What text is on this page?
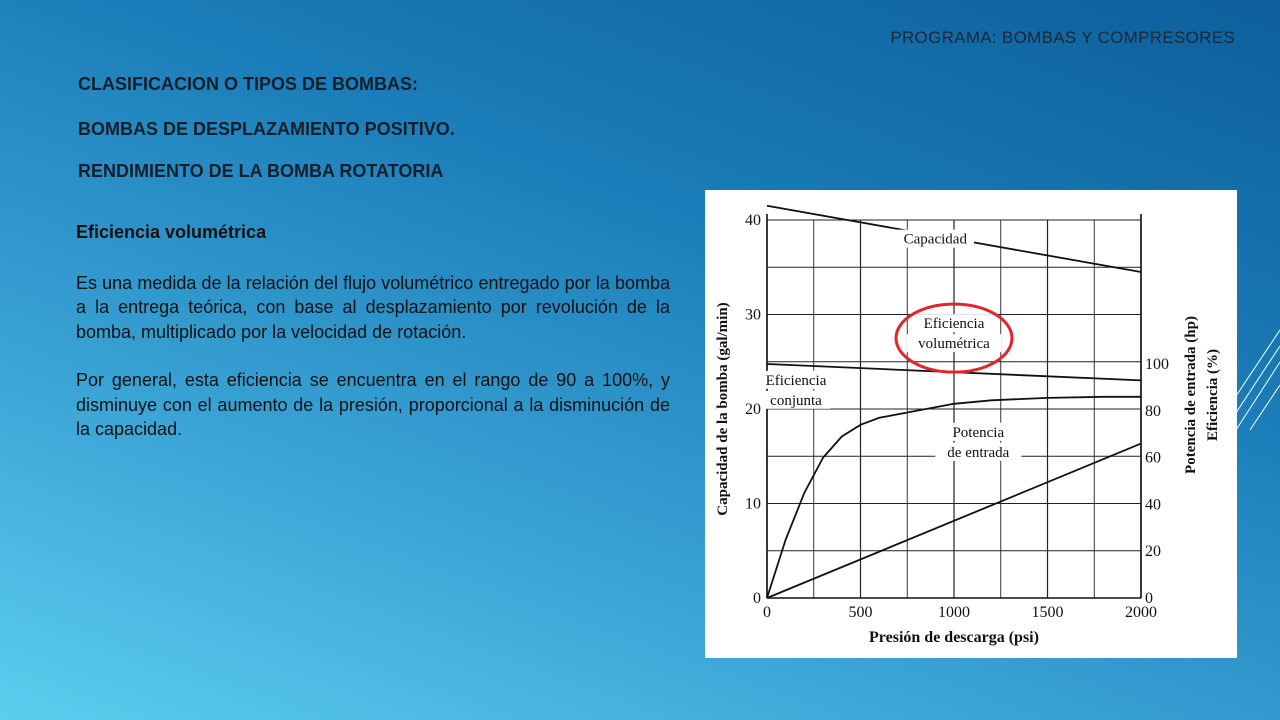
PROGRAMA: BOMBAS Y COMPRESORES
CLASIFICACION O TIPOS DE BOMBAS:
BOMBAS DE DESPLAZAMIENTO POSITIVO.
RENDIMIENTO DE LA BOMBA ROTATORIA

Eficiencia volumétrica

Es una medida de la relación del flujo volumétrico entregado por la bomba a la entrega teórica, con base al desplazamiento por revolución de la bomba, multiplicado por la velocidad de rotación.

Por general, esta eficiencia se encuentra en el rango de 90 a 100%, y disminuye con el aumento de la presión, proporcional a la disminución de la capacidad.

0	500	1000	1500	2000
0
10
20
30
40
0
20
40
60
80
100
Presión de descarga (psi)
Capacidad de la bomba (gal/min)	Potencia de entrada (hp) Eficiencia (%)
Capacidad
Eficiencia
volumétrica
Eficiencia
conjunta
Potencia
de entrada
